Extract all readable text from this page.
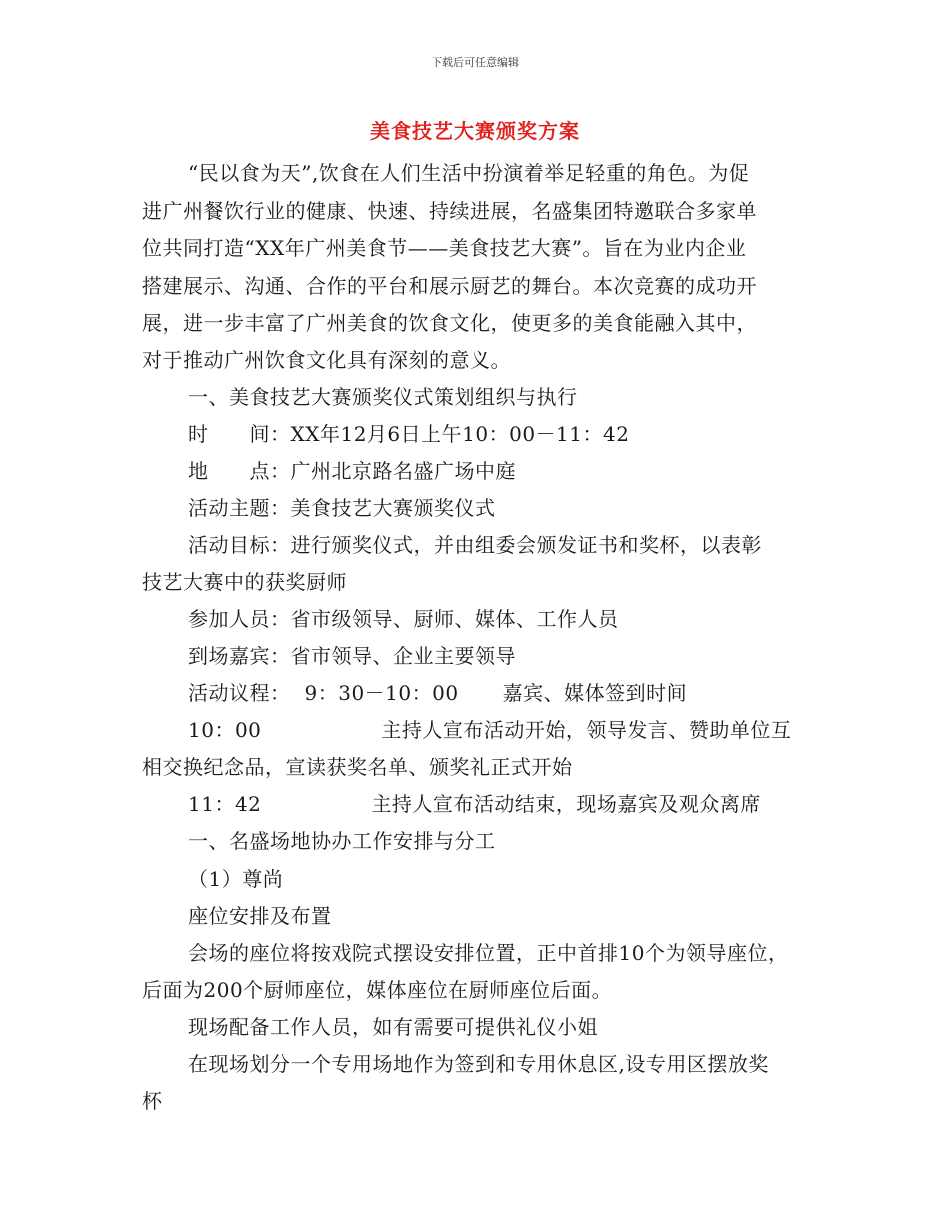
下载后可任意编辑
美食技艺大赛颁奖方案
“民以食为天”,饮食在人们生活中扮演着举足轻重的角色。为促
进广州餐饮行业的健康、快速、持续进展，名盛集团特邀联合多家单
位共同打造“XX年广州美食节——美食技艺大赛”。旨在为业内企业
搭建展示、沟通、合作的平台和展示厨艺的舞台。本次竞赛的成功开
展，进一步丰富了广州美食的饮食文化，使更多的美食能融入其中，
对于推动广州饮食文化具有深刻的意义。
一、美食技艺大赛颁奖仪式策划组织与执行
时　　间：XX年12月6日上午10：00－11：42
地　　点：广州北京路名盛广场中庭
活动主题：美食技艺大赛颁奖仪式
活动目标：进行颁奖仪式，并由组委会颁发证书和奖杯，以表彰
技艺大赛中的获奖厨师
参加人员：省市级领导、厨师、媒体、工作人员
到场嘉宾：省市领导、企业主要领导
活动议程： 9：30－10：00 嘉宾、媒体签到时间
10：00	主持人宣布活动开始，领导发言、赞助单位互
相交换纪念品，宣读获奖名单、颁奖礼正式开始
11：42	主持人宣布活动结束，现场嘉宾及观众离席
一、名盛场地协办工作安排与分工
（1）尊尚
座位安排及布置
会场的座位将按戏院式摆设安排位置，正中首排10个为领导座位，
后面为200个厨师座位，媒体座位在厨师座位后面。
现场配备工作人员，如有需要可提供礼仪小姐
在现场划分一个专用场地作为签到和专用休息区,设专用区摆放奖
杯
